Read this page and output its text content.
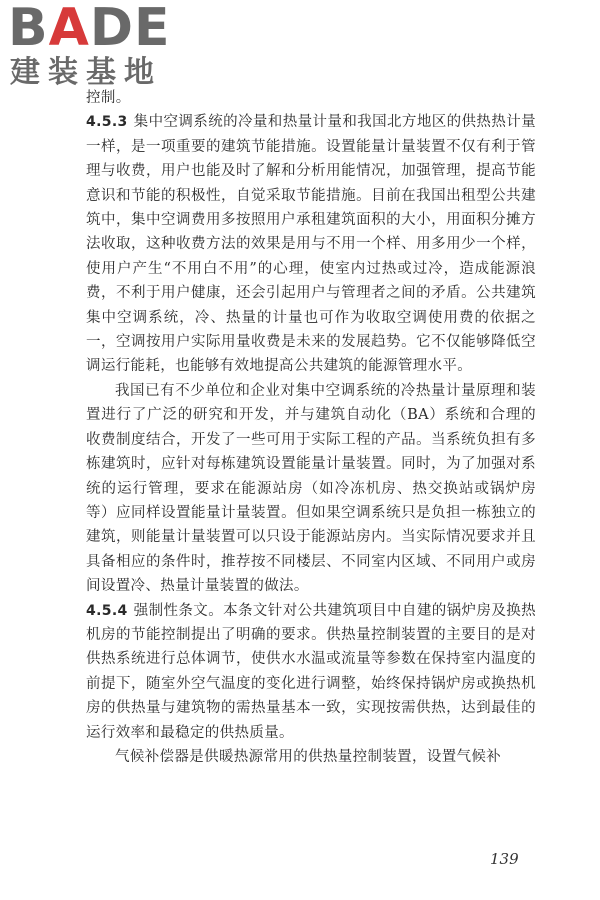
BADE
建装基地

控制。

4.5.3 集中空调系统的冷量和热量计量和我国北方地区的供热热计量一样，是一项重要的建筑节能措施。设置能量计量装置不仅有利于管理与收费，用户也能及时了解和分析用能情况，加强管理，提高节能意识和节能的积极性，自觉采取节能措施。目前在我国出租型公共建筑中，集中空调费用多按照用户承租建筑面积的大小，用面积分摊方法收取，这种收费方法的效果是用与不用一个样、用多用少一个样，使用户产生“不用白不用”的心理，使室内过热或过冷，造成能源浪费，不利于用户健康，还会引起用户与管理者之间的矛盾。公共建筑集中空调系统，冷、热量的计量也可作为收取空调使用费的依据之一，空调按用户实际用量收费是未来的发展趋势。它不仅能够降低空调运行能耗，也能够有效地提高公共建筑的能源管理水平。

我国已有不少单位和企业对集中空调系统的冷热量计量原理和装置进行了广泛的研究和开发，并与建筑自动化（BA）系统和合理的收费制度结合，开发了一些可用于实际工程的产品。当系统负担有多栋建筑时，应针对每栋建筑设置能量计量装置。同时，为了加强对系统的运行管理，要求在能源站房（如冷冻机房、热交换站或锅炉房等）应同样设置能量计量装置。但如果空调系统只是负担一栋独立的建筑，则能量计量装置可以只设于能源站房内。当实际情况要求并且具备相应的条件时，推荐按不同楼层、不同室内区域、不同用户或房间设置冷、热量计量装置的做法。

4.5.4 强制性条文。本条文针对公共建筑项目中自建的锅炉房及换热机房的节能控制提出了明确的要求。供热量控制装置的主要目的是对供热系统进行总体调节，使供水水温或流量等参数在保持室内温度的前提下，随室外空气温度的变化进行调整，始终保持锅炉房或换热机房的供热量与建筑物的需热量基本一致，实现按需供热，达到最佳的运行效率和最稳定的供热质量。

气候补偿器是供暖热源常用的供热量控制装置，设置气候补

139
